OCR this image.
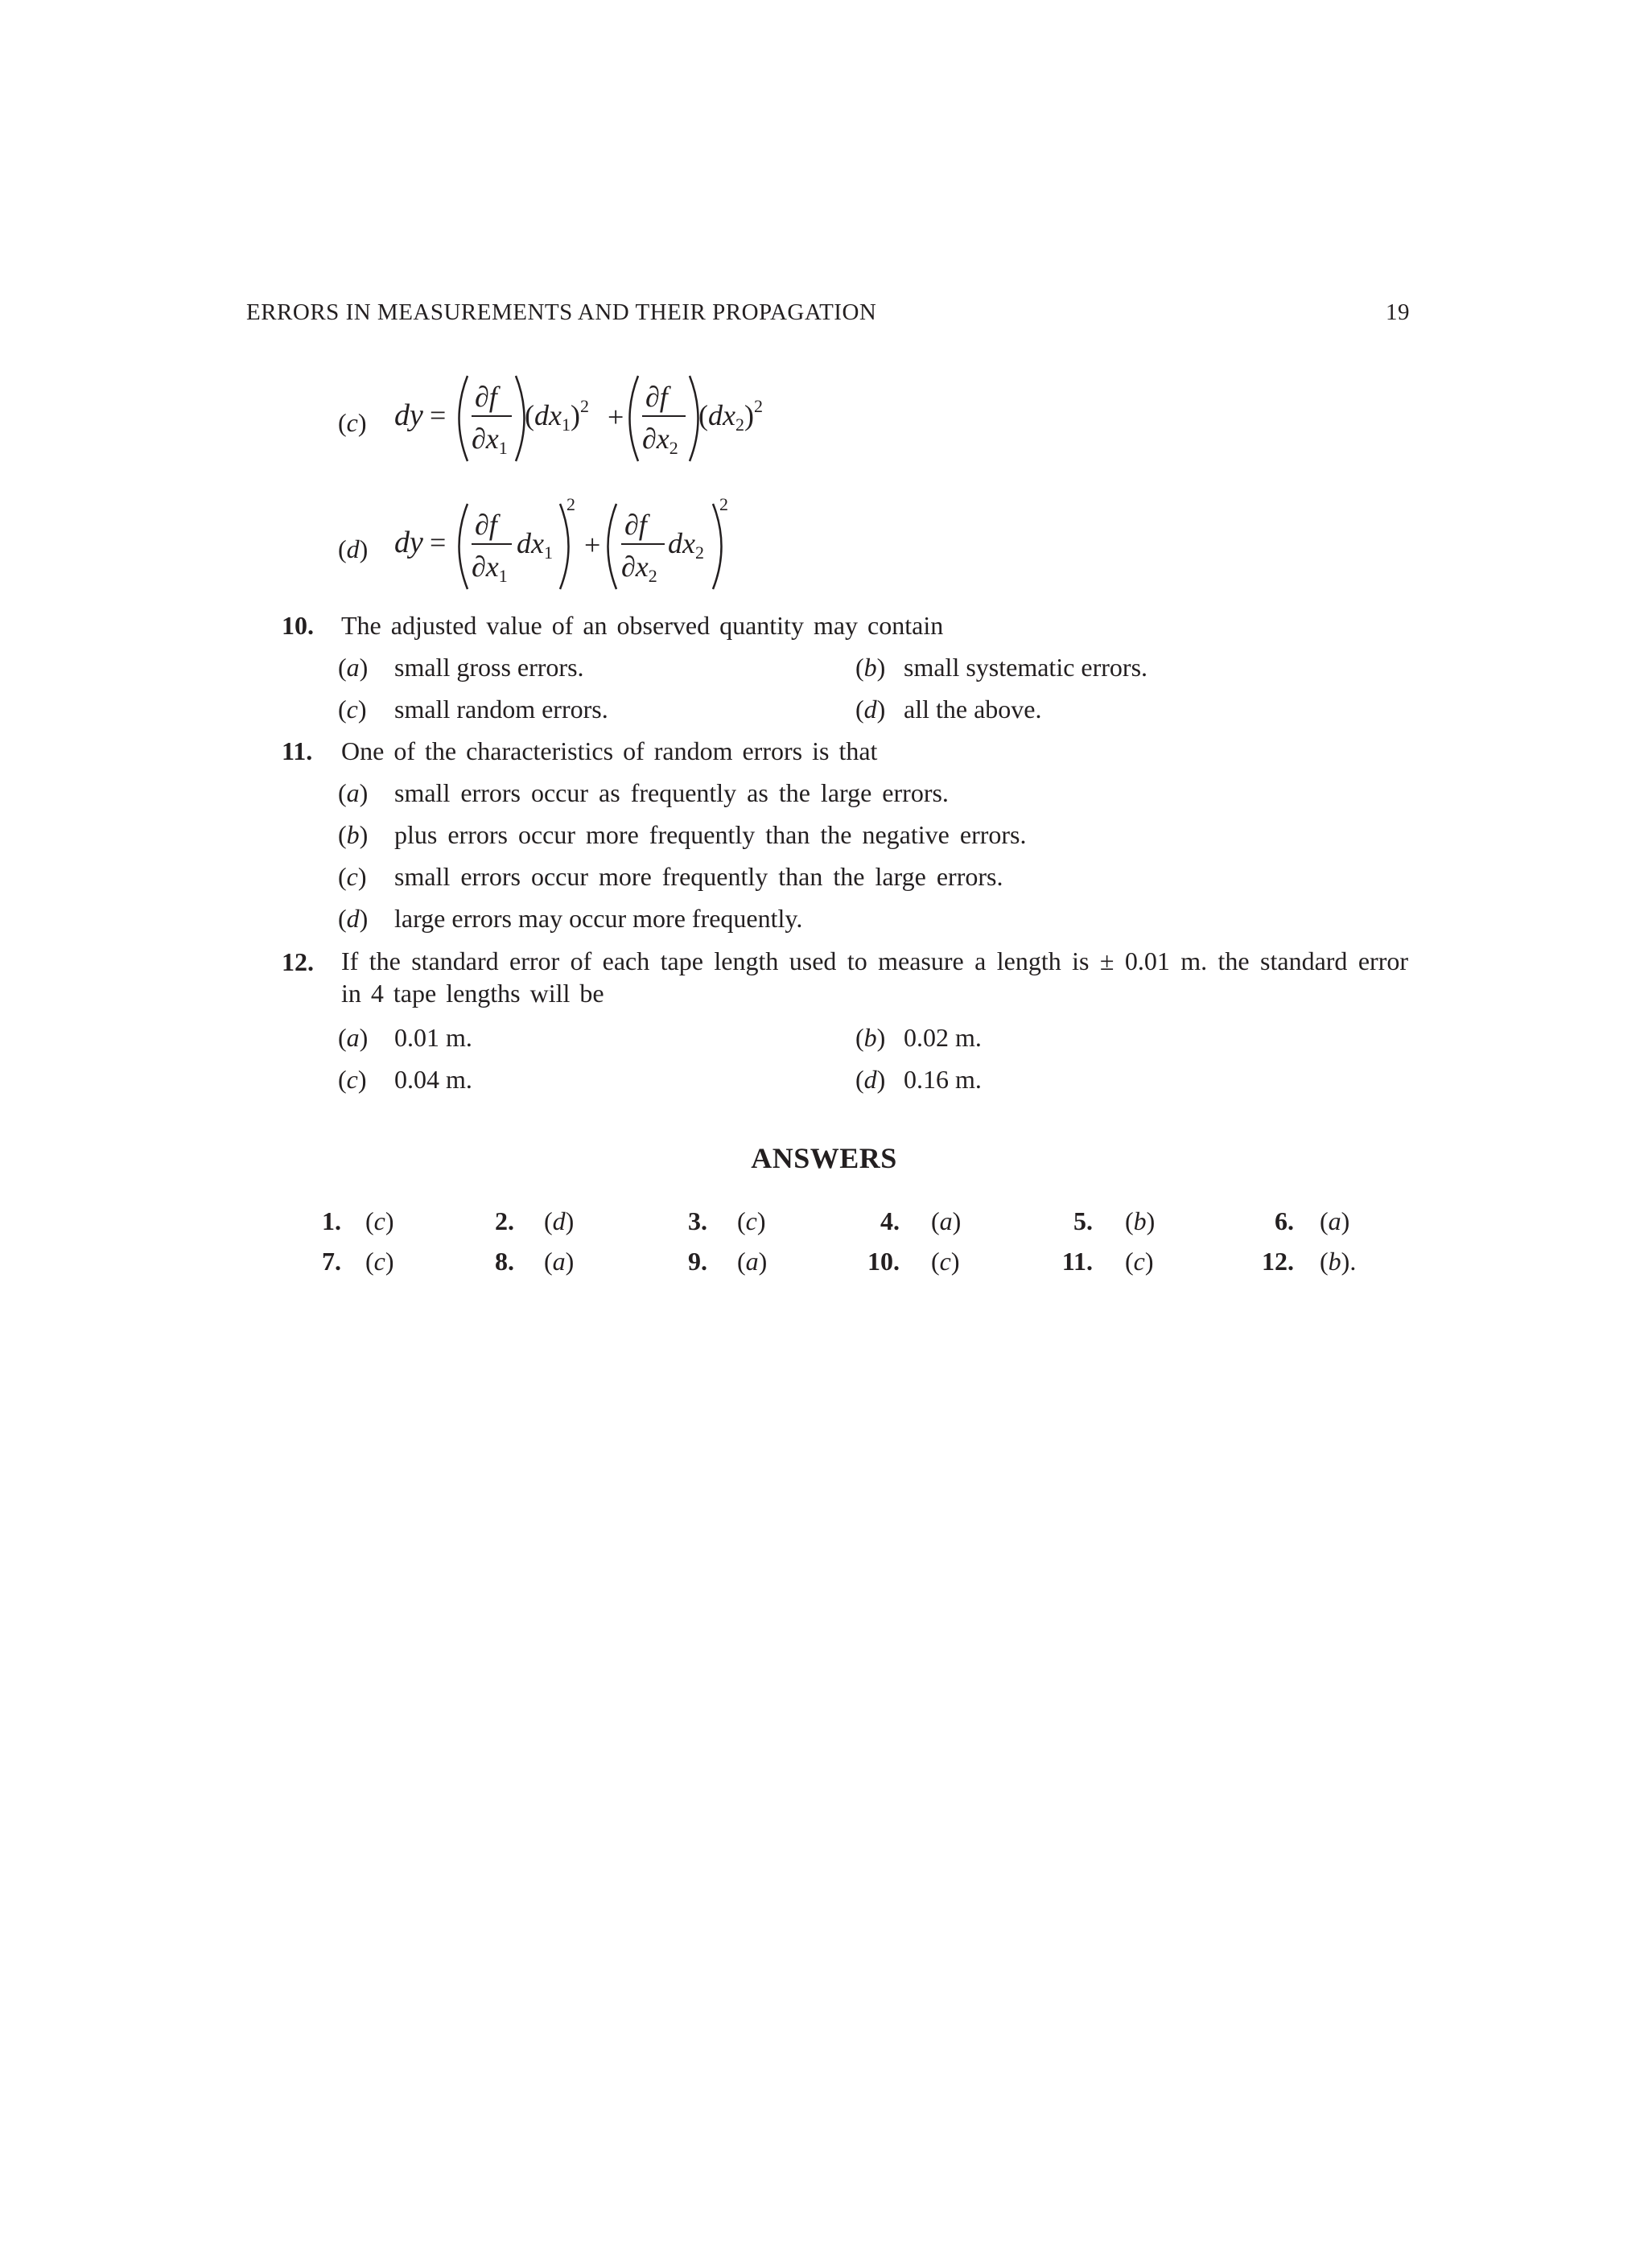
ERRORS IN MEASUREMENTS AND THEIR PROPAGATION	19
(c) dy =
∂f
∂x1
$(dx1)^2$ +
∂f
∂x2
$(dx2)^2$
(d) dy =
∂f
∂x1
dx1
2
+
∂f
∂x2
dx2
2
10. The adjusted value of an observed quantity may contain
(a) small gross errors.	(b) small systematic errors.
(c) small random errors.	(d) all the above.
11. One of the characteristics of random errors is that
(a) small errors occur as frequently as the large errors.
(b) plus errors occur more frequently than the negative errors.
(c) small errors occur more frequently than the large errors.
(d) large errors may occur more frequently.
12. If the standard error of each tape length used to measure a length is ± 0.01 m. the standard error in 4 tape lengths will be
(a) 0.01 m.	(b) 0.02 m.
(c) 0.04 m.	(d) 0.16 m.
ANSWERS
1. (c)	2. (d)	3. (c)	4. (a)	5. (b)	6. (a)
7. (c)	8. (a)	9. (a)	10. (c)	11. (c)	12. (b).
